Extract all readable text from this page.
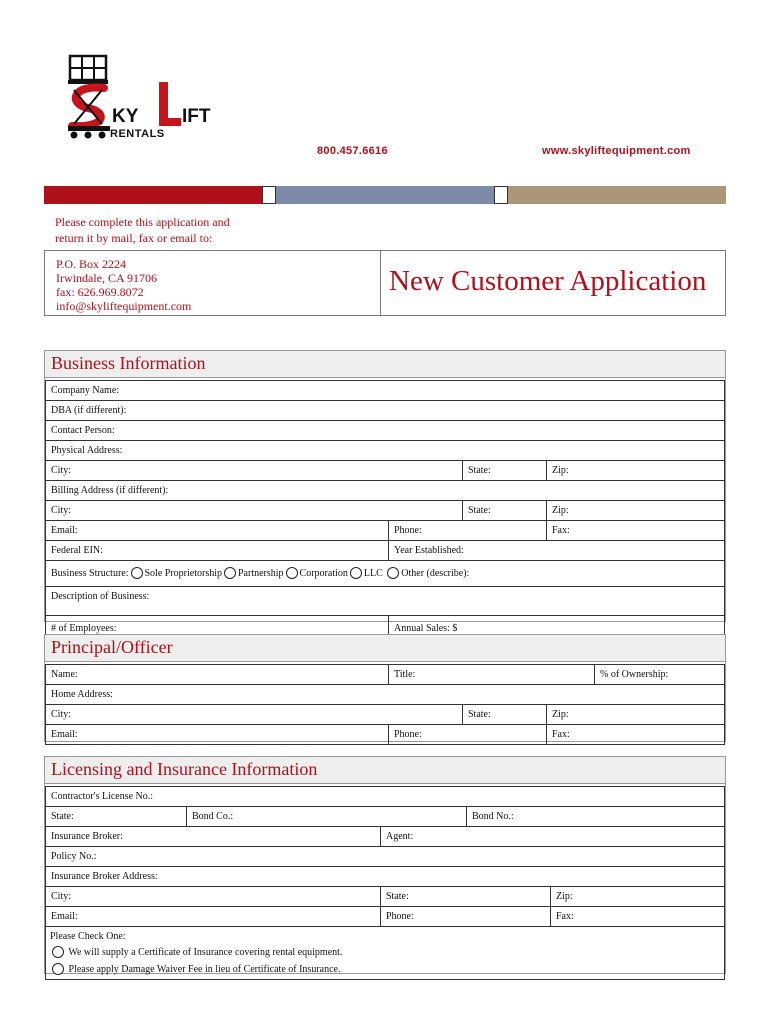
KY IFT
RENTALS
800.457.6616	www.skyliftequipment.com
Please complete this application and
return it by mail, fax or email to:
P.O. Box 2224
Irwindale, CA 91706
fax: 626.969.8072
info@skyliftequipment.com
New Customer Application
Business Information
Company Name:
DBA (if different):
Contact Person:
Physical Address:
City:	State:	Zip:
Billing Address (if different):
City:	State:	Zip:
Email:	Phone:	Fax:
Federal EIN:	Year Established:
Business Structure: Sole Proprietorship Partnership Corporation LLC Other (describe):
Description of Business:
# of Employees:	Annual Sales: $
Principal/Officer
Name:	Title:	% of Ownership:
Home Address:
City:	State:	Zip:
Email:	Phone:	Fax:
Licensing and Insurance Information
Contractor's License No.:
State:	Bond Co.:	Bond No.:
Insurance Broker:	Agent:
Policy No.:
Insurance Broker Address:
City:	State:	Zip:
Email:	Phone:	Fax:
Please Check One:
We will supply a Certificate of Insurance covering rental equipment.
Please apply Damage Waiver Fee in lieu of Certificate of Insurance.
